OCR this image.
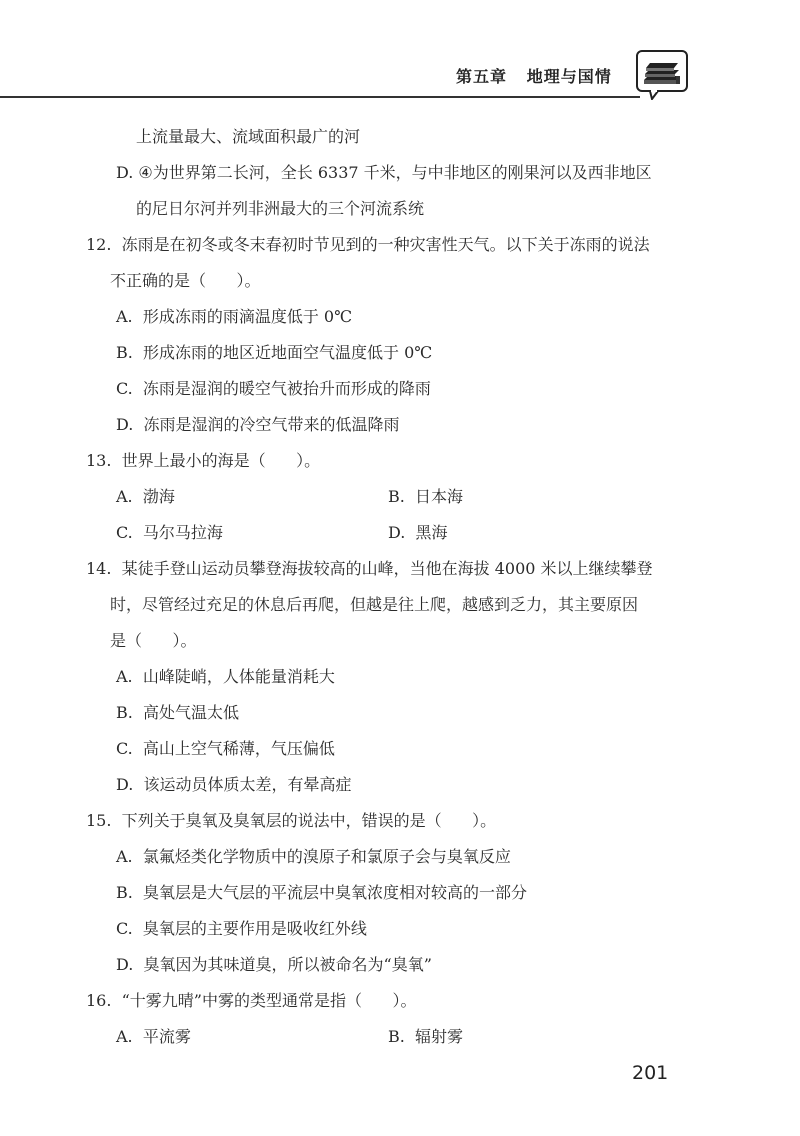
第五章 地理与国情
上流量最大、流域面积最广的河
D. ④为世界第二长河，全长 6337 千米，与中非地区的刚果河以及西非地区
的尼日尔河并列非洲最大的三个河流系统
12.  冻雨是在初冬或冬末春初时节见到的一种灾害性天气。以下关于冻雨的说法
不正确的是（      ）。
A.  形成冻雨的雨滴温度低于 0℃
B.  形成冻雨的地区近地面空气温度低于 0℃
C.  冻雨是湿润的暖空气被抬升而形成的降雨
D.  冻雨是湿润的冷空气带来的低温降雨
13.  世界上最小的海是（      ）。
A.  渤海	B.  日本海
C.  马尔马拉海	D.  黑海
14.  某徒手登山运动员攀登海拔较高的山峰，当他在海拔 4000 米以上继续攀登
时，尽管经过充足的休息后再爬，但越是往上爬，越感到乏力，其主要原因
是（      ）。
A.  山峰陡峭，人体能量消耗大
B.  高处气温太低
C.  高山上空气稀薄，气压偏低
D.  该运动员体质太差，有晕高症
15.  下列关于臭氧及臭氧层的说法中，错误的是（      ）。
A.  氯氟烃类化学物质中的溴原子和氯原子会与臭氧反应
B.  臭氧层是大气层的平流层中臭氧浓度相对较高的一部分
C.  臭氧层的主要作用是吸收红外线
D.  臭氧因为其味道臭，所以被命名为“臭氧”
16.  “十雾九晴”中雾的类型通常是指（      ）。
A.  平流雾	B.  辐射雾
201
